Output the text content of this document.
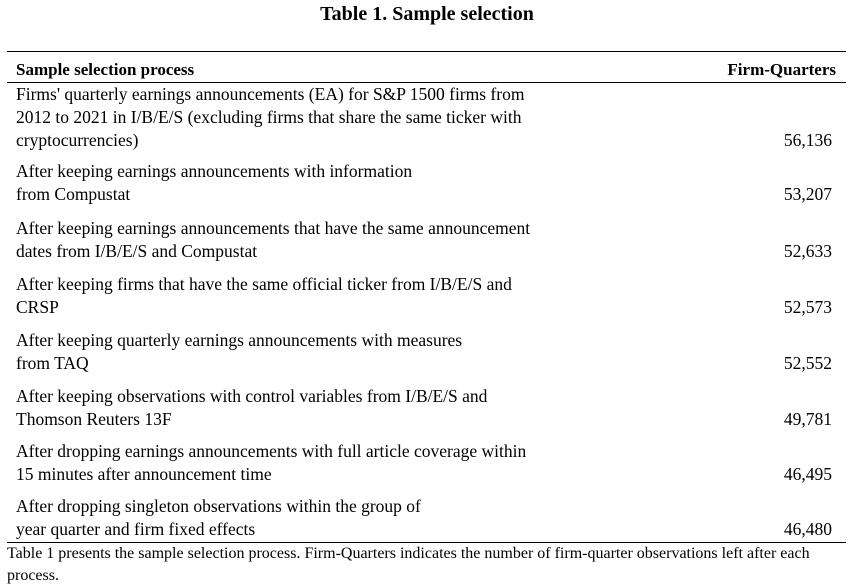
Table 1. Sample selection
Sample selection process	Firm-Quarters
Firms' quarterly earnings announcements (EA) for S&P 1500 firms from
2012 to 2021 in I/B/E/S (excluding firms that share the same ticker with
cryptocurrencies)	56,136
After keeping earnings announcements with information
from Compustat	53,207
After keeping earnings announcements that have the same announcement
dates from I/B/E/S and Compustat	52,633
After keeping firms that have the same official ticker from I/B/E/S and
CRSP	52,573
After keeping quarterly earnings announcements with measures
from TAQ	52,552
After keeping observations with control variables from I/B/E/S and
Thomson Reuters 13F	49,781
After dropping earnings announcements with full article coverage within
15 minutes after announcement time	46,495
After dropping singleton observations within the group of
year quarter and firm fixed effects	46,480
Table 1 presents the sample selection process. Firm-Quarters indicates the number of firm-quarter observations left after each process.
